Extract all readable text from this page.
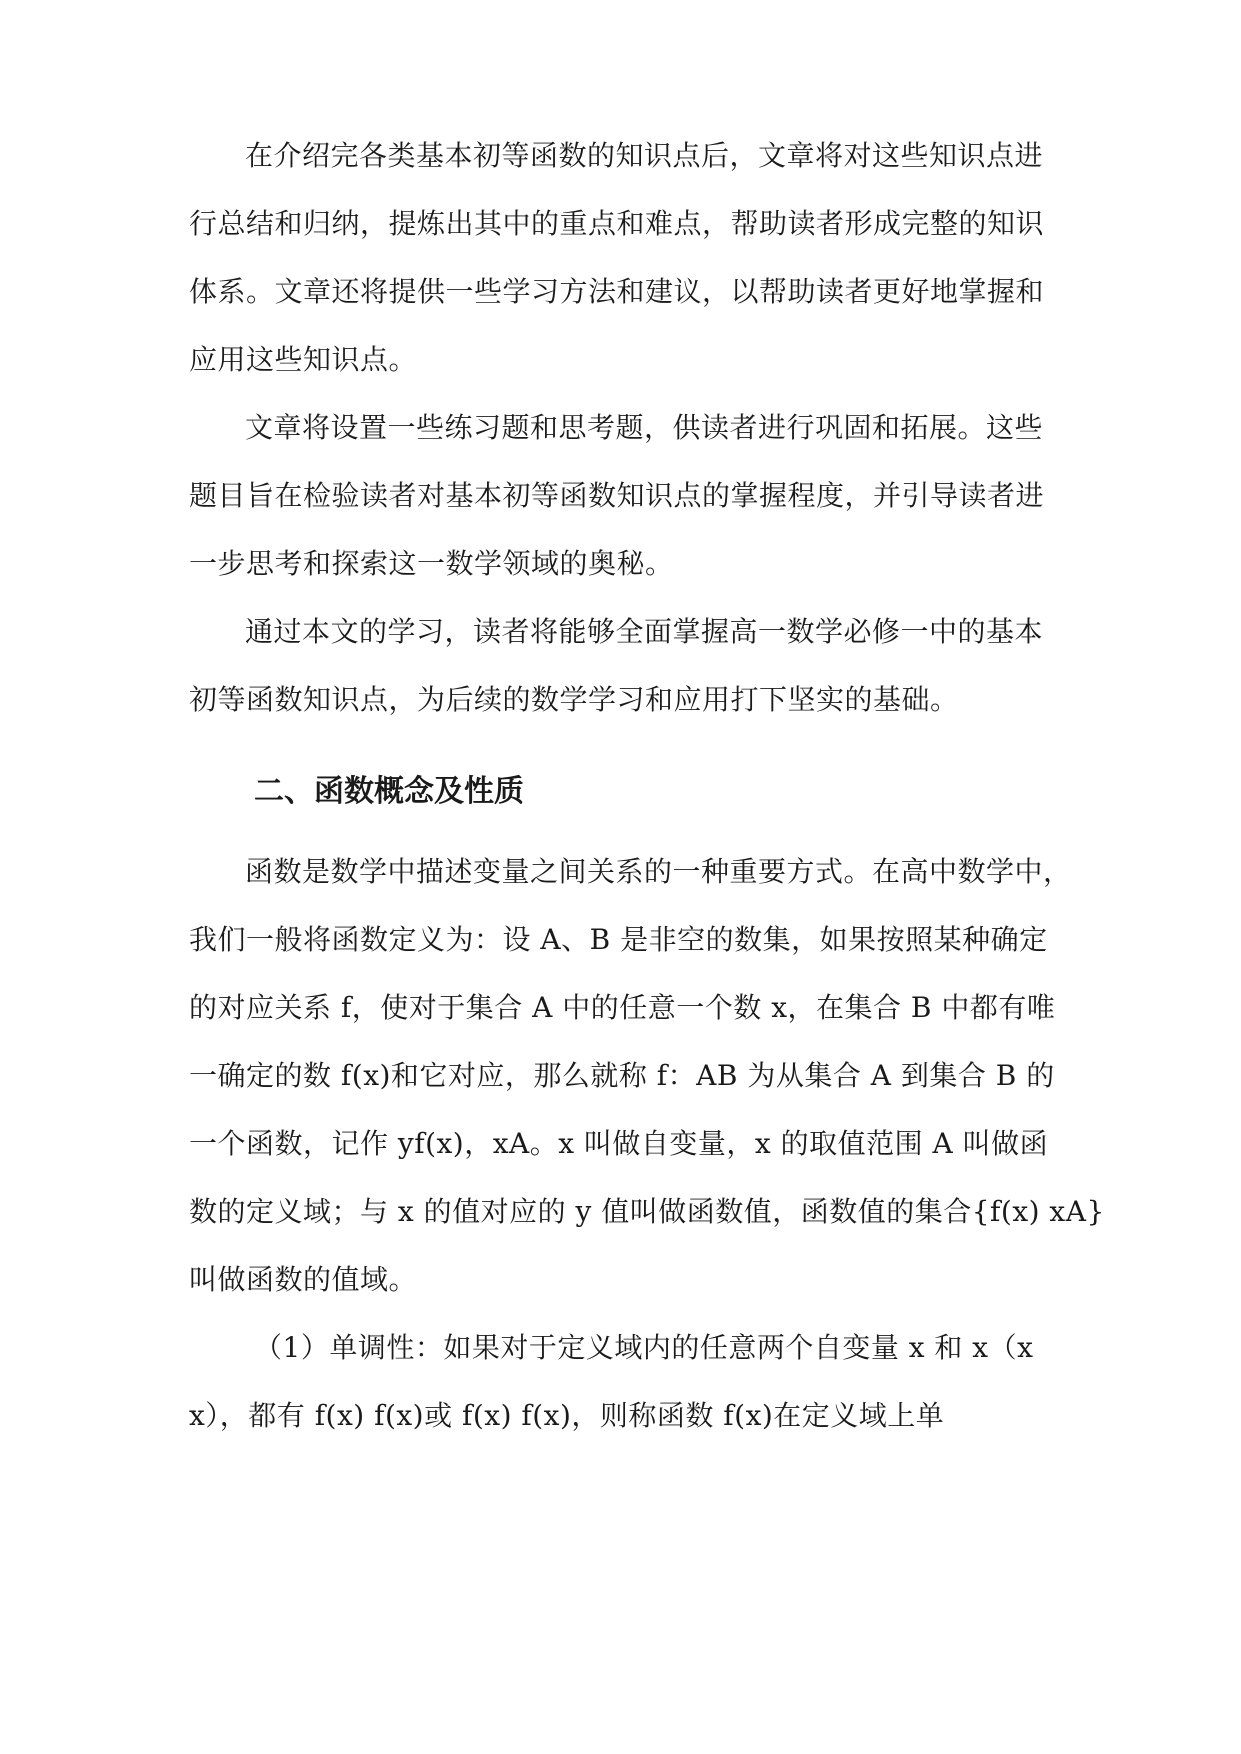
在介绍完各类基本初等函数的知识点后，文章将对这些知识点进
行总结和归纳，提炼出其中的重点和难点，帮助读者形成完整的知识
体系。文章还将提供一些学习方法和建议，以帮助读者更好地掌握和
应用这些知识点。
文章将设置一些练习题和思考题，供读者进行巩固和拓展。这些
题目旨在检验读者对基本初等函数知识点的掌握程度，并引导读者进
一步思考和探索这一数学领域的奥秘。
通过本文的学习，读者将能够全面掌握高一数学必修一中的基本
初等函数知识点，为后续的数学学习和应用打下坚实的基础。
二、函数概念及性质
函数是数学中描述变量之间关系的一种重要方式。在高中数学中，
我们一般将函数定义为：设 A、B 是非空的数集，如果按照某种确定
的对应关系 f，使对于集合 A 中的任意一个数 x，在集合 B 中都有唯
一确定的数 f(x)和它对应，那么就称 f：AB 为从集合 A 到集合 B 的
一个函数，记作 yf(x)，xA。x 叫做自变量，x 的取值范围 A 叫做函
数的定义域；与 x 的值对应的 y 值叫做函数值，函数值的集合{f(x) xA}
叫做函数的值域。
（1）单调性：如果对于定义域内的任意两个自变量 x 和 x（x
x），都有 f(x) f(x)或 f(x) f(x)，则称函数 f(x)在定义域上单
